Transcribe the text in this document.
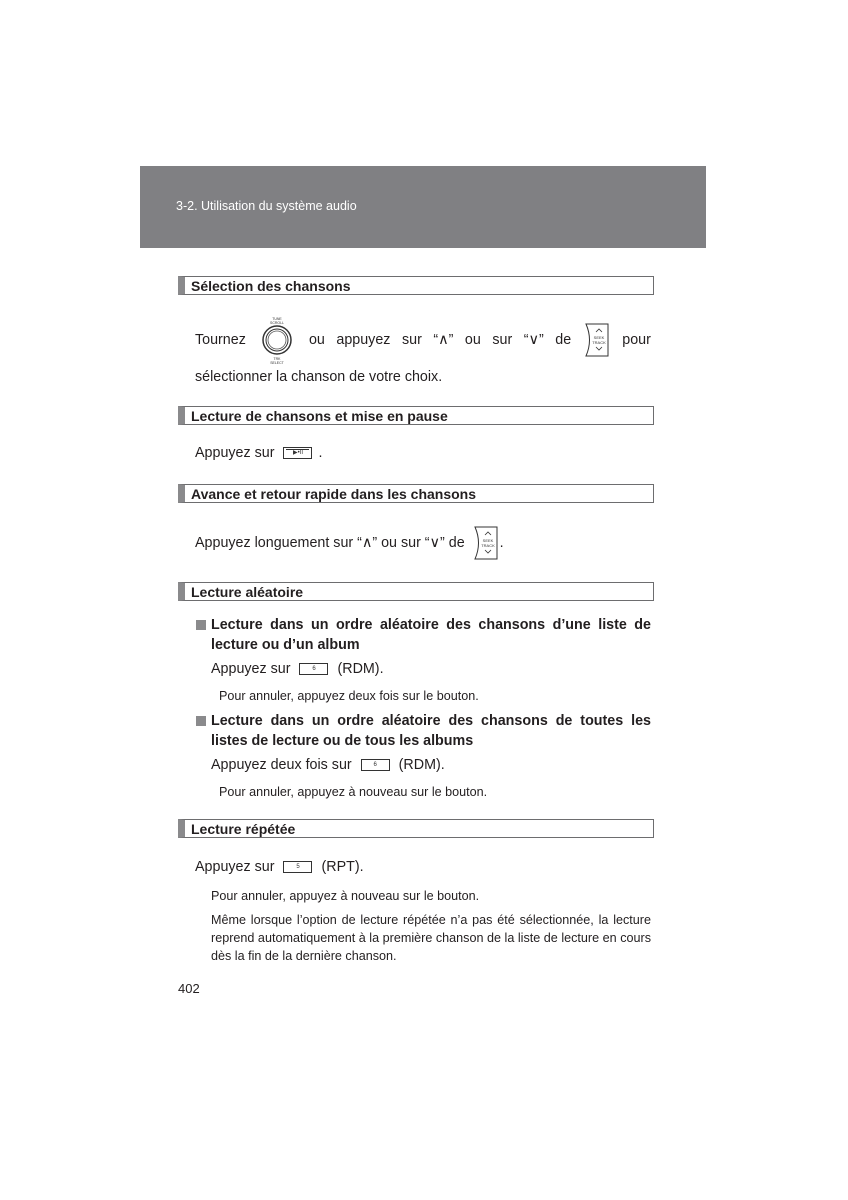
3-2. Utilisation du système audio
Sélection des chansons
Tournez
TUNE
SCROLL
TRK
SELECT
ou appuyez sur “∧” ou sur “∨” de	SEEK
TRACK pour
sélectionner la chanson de votre choix.
Lecture de chansons et mise en pause
Appuyez sur	▶•II	.
Avance et retour rapide dans les chansons
Appuyez longuement sur “∧” ou sur “∨” de	SEEK
TRACK .
Lecture aléatoire
Lecture dans un ordre aléatoire des chansons d’une liste de lecture ou d’un album
Appuyez sur	6	(RDM).
Pour annuler, appuyez deux fois sur le bouton.
Lecture dans un ordre aléatoire des chansons de toutes les listes de lecture ou de tous les albums
Appuyez deux fois sur	6	(RDM).
Pour annuler, appuyez à nouveau sur le bouton.
Lecture répétée
Appuyez sur	5	(RPT).
Pour annuler, appuyez à nouveau sur le bouton.
Même lorsque l’option de lecture répétée n’a pas été sélectionnée, la lecture reprend automatiquement à la première chanson de la liste de lecture en cours dès la fin de la dernière chanson.
402
